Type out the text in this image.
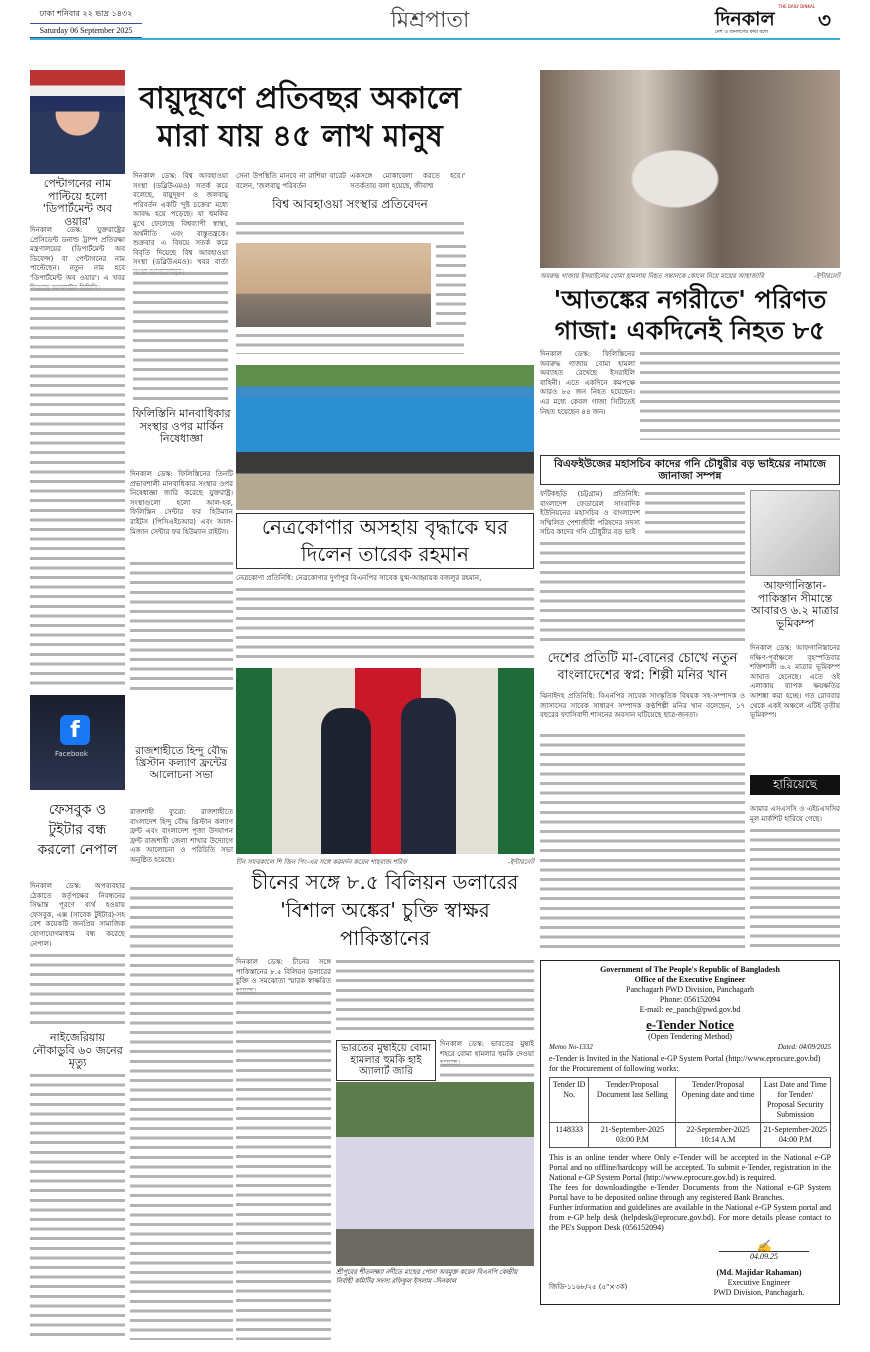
ঢাকা শনিবার ২২ ভাদ্র ১৪৩২
Saturday 06 September 2025	মিশ্রপাতা
THE DAILY DINKAL
দিনকাল
দেশ ও জনগণের কথা বলে	৩
পেন্টাগনের নাম পাল্টিয়ে হলো 'ডিপার্টমেন্ট অব ওয়ার'
দিনকাল ডেস্ক: যুক্তরাষ্ট্রের প্রেসিডেন্ট ডনাল্ড ট্রাম্প প্রতিরক্ষা মন্ত্রণালয়ের (ডিপার্টমেন্ট অব ডিফেন্স) বা পেন্টাগনের নাম পাল্টেছেন। নতুন নাম হবে 'ডিপার্টমেন্ট অব ওয়ার'। এ খবর
বায়ুদূষণে প্রতিবছর অকালে মারা যায় ৪৫ লাখ মানুষ
দিনকাল ডেস্ক: বিশ্ব আবহাওয়া সংস্থা (ডব্লিউএমও) সতর্ক করে বলেছে, বায়ুদূষণ ও জলবায়ু পরিবর্তন একটি 'দুষ্ট চক্রের' মধ্যে আবদ্ধ হয়ে পড়েছে। যা হুমকির মুখে ফেলেছে বিশ্বব্যাপী স্বাস্থ্য, অর্থনীতি এবং বাস্তুতন্ত্রকে। শুক্রবার এ বিষয়ে সতর্ক করে বিবৃতি দিয়েছে বিশ্ব আবহাওয়া সংস্থা (ডব্লিউএমও)। খবর বার্তা
সেনা উপস্থিতি মানবে না রাশিয়া বারেট বলেন, 'জলবায়ু পরিবর্তন
একসঙ্গে মোকাবেলা করতে হবে।' সতর্কতায় বলা হয়েছে, জীবাশ্ম
বিশ্ব আবহাওয়া সংস্থার প্রতিবেদন
অবরুদ্ধ গাজায় ইসরাইলের বোমা হামলায় নিহত সন্তানকে কোলে নিয়ে মায়ের আহাজারি	-ইন্টারনেট
'আতঙ্কের নগরীতে' পরিণত গাজা: একদিনেই নিহত ৮৫
দিনকাল ডেস্ক: ফিলিস্তিনের অবরুদ্ধ গাজায় বোমা হামলা অব্যাহত রেখেছে ইসরাইলি বাহিনী। এতে একদিনে কমপক্ষে আরও ৮৫ জন নিহত হয়েছেন। এর মধ্যে কেবল গাজা সিটিতেই নিহত হয়েছেন ৪৪ জন।
ফিলিস্তিনি মানবাধিকার সংস্থার ওপর মার্কিন নিষেধাজ্ঞা
দিনকাল ডেস্ক: ফিলিস্তিনের তিনটি প্রভাবশালী মানবাধিকার সংস্থার ওপর নিষেধাজ্ঞা জারি করেছে যুক্তরাষ্ট্র। সংস্থাগুলো হলো আল-হক, ফিলিস্তিন সেন্টার ফর হিউম্যান রাইটস (পিসিএইচআর) এবং আল-মিজান সেন্টার ফর হিউম্যান রাইটস।	নেত্রকোণার অসহায় বৃদ্ধাকে ঘর দিলেন তারেক রহমান
নেত্রকোণা প্রতিনিধি: নেত্রকোণার দুর্গাপুর বিএনপির সাবেক যুগ্ম-আহ্বায়ক বজলুর রহমান,
বিএফইউজের মহাসচিব কাদের গনি চৌধুরীর বড় ভাইয়ের নামাজে জানাজা সম্পন্ন
ফটিকছড়ি (চট্টগ্রাম) প্রতিনিধি: বাংলাদেশ ফেডারেল সাংবাদিক ইউনিয়নের মহাসচিব ও বাংলাদেশ সম্মিলিত পেশাজীবী পরিষদের সদস্য সচিব কাদের গনি চৌধুরীর বড় ভাই
আফগানিস্তান-পাকিস্তান সীমান্তে আবারও ৬.২ মাত্রার ভূমিকম্প
দিনকাল ডেস্ক: আফগানিস্তানের দক্ষিণ-পূর্বাঞ্চলে বৃহস্পতিবার শক্তিশালী ৬.২ মাত্রার ভূমিকম্প আঘাত হেনেছে। এতে ওই এলাকায় ব্যাপক ক্ষয়ক্ষতির আশঙ্কা করা হচ্ছে। গত রোববার থেকে একই অঞ্চলে এটিই তৃতীয় ভূমিকম্প।
দেশের প্রতিটি মা-বোনের চোখে নতুন বাংলাদেশের স্বপ্ন: শিল্পী মনির খান
ঝিনাইদহ প্রতিনিধি: বিএনপির সাবেক সাংস্কৃতিক বিষয়ক সহ-সম্পাদক ও জাসাসের সাবেক সাধারণ সম্পাদক কণ্ঠশিল্পী মনির খান বলেছেন, ১৭ বছরের ফ্যাসিবাদী শাসনের অবসান ঘটিয়েছে ছাত্র-জনতা।
হারিয়েছে
আমার এসএসসি ও এইচএসসির মূল মার্কশিট হারিয়ে গেছে।
f
Facebook
ফেসবুক ও টুইটার বন্ধ করলো নেপাল
দিনকাল ডেস্ক: অপব্যবহার ঠেকাতে কর্তৃপক্ষের নিবন্ধনের সিদ্ধান্ত পূরণে ব্যর্থ হওয়ায় ফেসবুক, এক্স (সাবেক টুইটার)-সহ বেশ কয়েকটি জনপ্রিয় সামাজিক যোগাযোগমাধ্যম বন্ধ করেছে নেপাল।
নাইজেরিয়ায় নৌকাডুবি ৬০ জনের মৃত্যু
রাজশাহীতে হিন্দু বৌদ্ধ খ্রিস্টান কল্যাণ ফ্রন্টের আলোচনা সভা
রাজশাহী ব্যুরো: রাজশাহীতে বাংলাদেশ হিন্দু বৌদ্ধ খ্রিস্টান কল্যাণ ফ্রন্ট এবং বাংলাদেশ পূজা উদযাপন ফ্রন্ট রাজশাহী জেলা শাখার উদ্যোগে এক আলোচনা ও পরিচিতি সভা অনুষ্ঠিত হয়েছে।	চীন সফরকালে শি জিন পিং-এর সঙ্গে করমর্দন করেন শাহবাজ শরিফ	-ইন্টারনেট
চীনের সঙ্গে ৮.৫ বিলিয়ন ডলারের 'বিশাল অঙ্কের' চুক্তি স্বাক্ষর পাকিস্তানের
দিনকাল ডেস্ক: চীনের সঙ্গে পাকিস্তানের ৮.৫ বিলিয়ন ডলারের চুক্তি ও সমঝোতা স্মারক স্বাক্ষরিত
ভারতের মুম্বাইয়ে বোমা হামলার হুমকি হাই অ্যালার্ট জারি
দিনকাল ডেস্ক: ভারতের মুম্বাই শহরে বোমা হামলার হুমকি দেওয়া
শ্রীপুরের শীতলক্ষ্যা নদীতে মাছের পোনা অবমুক্ত করেন বিএনপি কেন্দ্রীয় নির্বাহী কমিটির সদস্য রফিকুল ইসলাম -দিনকাল
Government of The People's Republic of Bangladesh
Office of the Executive Engineer
Panchagarh PWD Division, Panchagarh
Phone: 056152094
E-mail: ee_panch@pwd.gov.bd
e-Tender Notice
(Open Tendering Method)
Memo No-1332	Dated: 04/09/2025
e-Tender is Invited in the National e-GP System Portal (http://www.eprocure.gov.bd) for the Procurement of following works:
Tender ID No.	Tender/Proposal Document last Selling	Tender/Proposal Opening date and time	Last Date and Time for Tender/ Proposal Security Submission
1148333	21-September-2025 03:00 P.M	22-September-2025 10:14 A.M	21-September-2025 04:00 P.M
This is an online tender where Only e-Tender will be accepted in the National e-GP Portal and no offline/hardcopy will be accepted. To submit e-Tender, registration in the National e-GP System Portal (http://www.eprocure.gov.bd) is required.
The fees for downloadingthe e-Tender Documents from the National e-GP System Portal have to be deposited online through any registered Bank Branches.
Further information and guidelines are available in the National e-GP System portal and from e-GP help desk (helpdesk@eprocure.gov.bd). For more details please contact to the PE's Support Desk (056152094)
✍
04.09.25
(Md. Majidar Rahaman)
Executive Engineer
PWD Division, Panchagarh.
জিডি-১১৬৮/২৫ (৫"×৩ক)
